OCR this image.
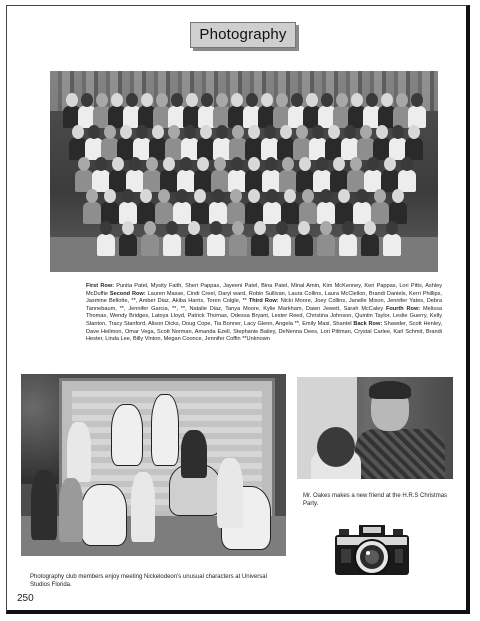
Photography
First Row: Punita Patel, Mysity Faith, Sheri Pappas, Jayeeni Patel, Bina Patel, Minal Amin, Kim McKenney, Keri Pappas, Lori Pitts, Ashley McDuffie Second Row: Lauren Masse, Cindi Creel, Daryl ward, Robin Sullivan, Laura Collins, Laura McClellon, Brandi Daniels, Kerri Phillips, Jasmine Bellotte, **, Amber Diaz, Akiba Harris, Toren Colgle, ** Third Row: Nicki Moore, Joey Collins, Janelle Mixon, Jennifer Yates, Debra Tannebaum, **, Jennifer Garcia, **, **, Natalie Diaz, Tanya Moore, Kylie Markham, Dawn Jewett, Sarah McCaley Fourth Row: Melissa Thomas, Wendy Bridges, Latoya Lloyd, Patrick Thomas, Odessa Bryant, Lester Reed, Christina Johnson, Quintin Taylor, Leslie Guerry, Kelly Stanton, Tracy Stanford, Alison Dicks, Doug Cope, Tia Bonner, Lacy Glenn, Angela **, Emily Masi, Shantel Back Row: Shawder, Scott Henley, Dave Heilmon, Omar Vega, Scott Norman, Amanda Ezell, Stephanie Bailey, DeNenna Dees, Lori Pittman, Crystal Carlee, Karl Schmit, Brandi Hester, Linda Lee, Billy Vinton, Megan Coonce, Jennifer Coffin **Unknown
Mr. Oakes makes a new friend at the H.R.S Christmas Party.
Photography club members enjoy meeting Nickelodeon's unusual characters at Universal Studios Florida.
250
